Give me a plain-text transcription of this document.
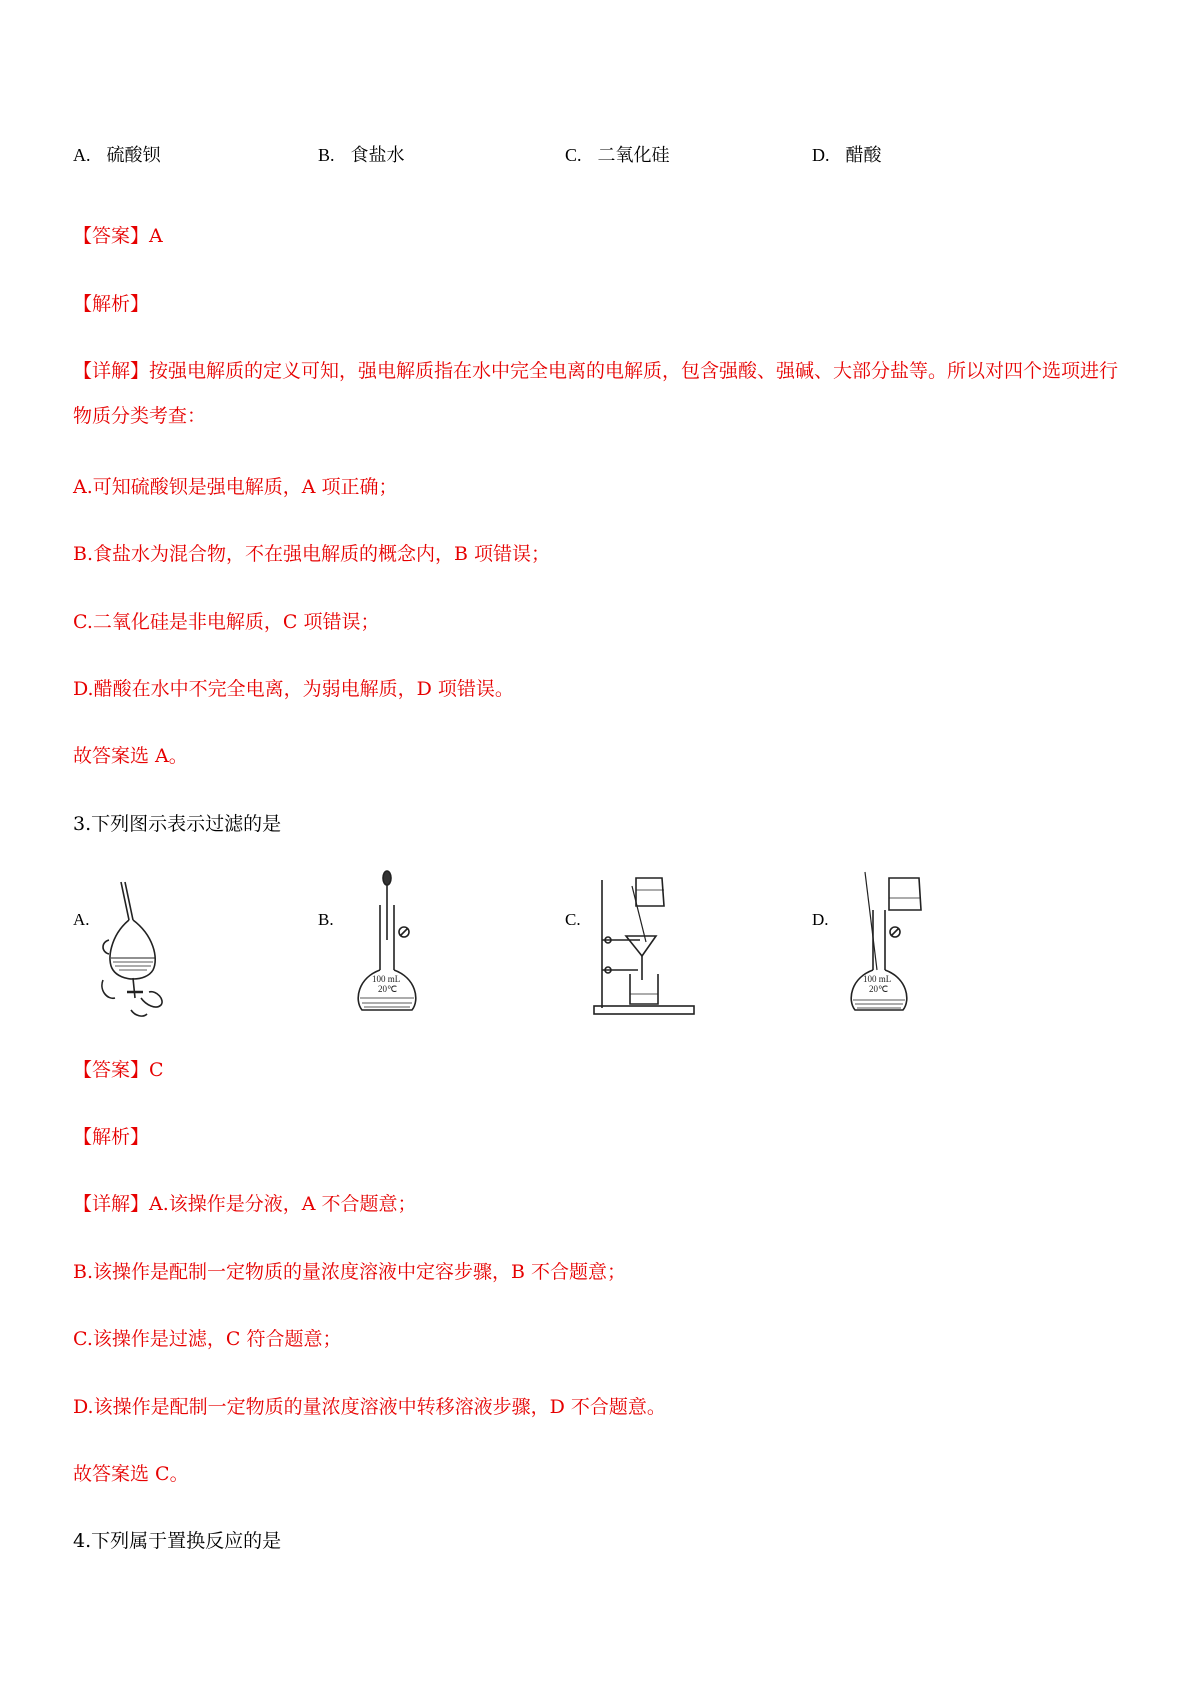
A. 硫酸钡	B. 食盐水	C. 二氧化硅	D. 醋酸
【答案】A
【解析】
【详解】按强电解质的定义可知，强电解质指在水中完全电离的电解质，包含强酸、强碱、大部分盐等。所以对四个选项进行物质分类考查：
A.可知硫酸钡是强电解质，A 项正确；
B.食盐水为混合物，不在强电解质的概念内，B 项错误；
C.二氧化硅是非电解质，C 项错误；
D.醋酸在水中不完全电离，为弱电解质，D 项错误。
故答案选 A。
3.下列图示表示过滤的是
A.	B.
100 mL
20℃
C.	D.
100 mL
20℃
【答案】C
【解析】
【详解】A.该操作是分液，A 不合题意；
B.该操作是配制一定物质的量浓度溶液中定容步骤，B 不合题意；
C.该操作是过滤，C 符合题意；
D.该操作是配制一定物质的量浓度溶液中转移溶液步骤，D 不合题意。
故答案选 C。
4.下列属于置换反应的是
